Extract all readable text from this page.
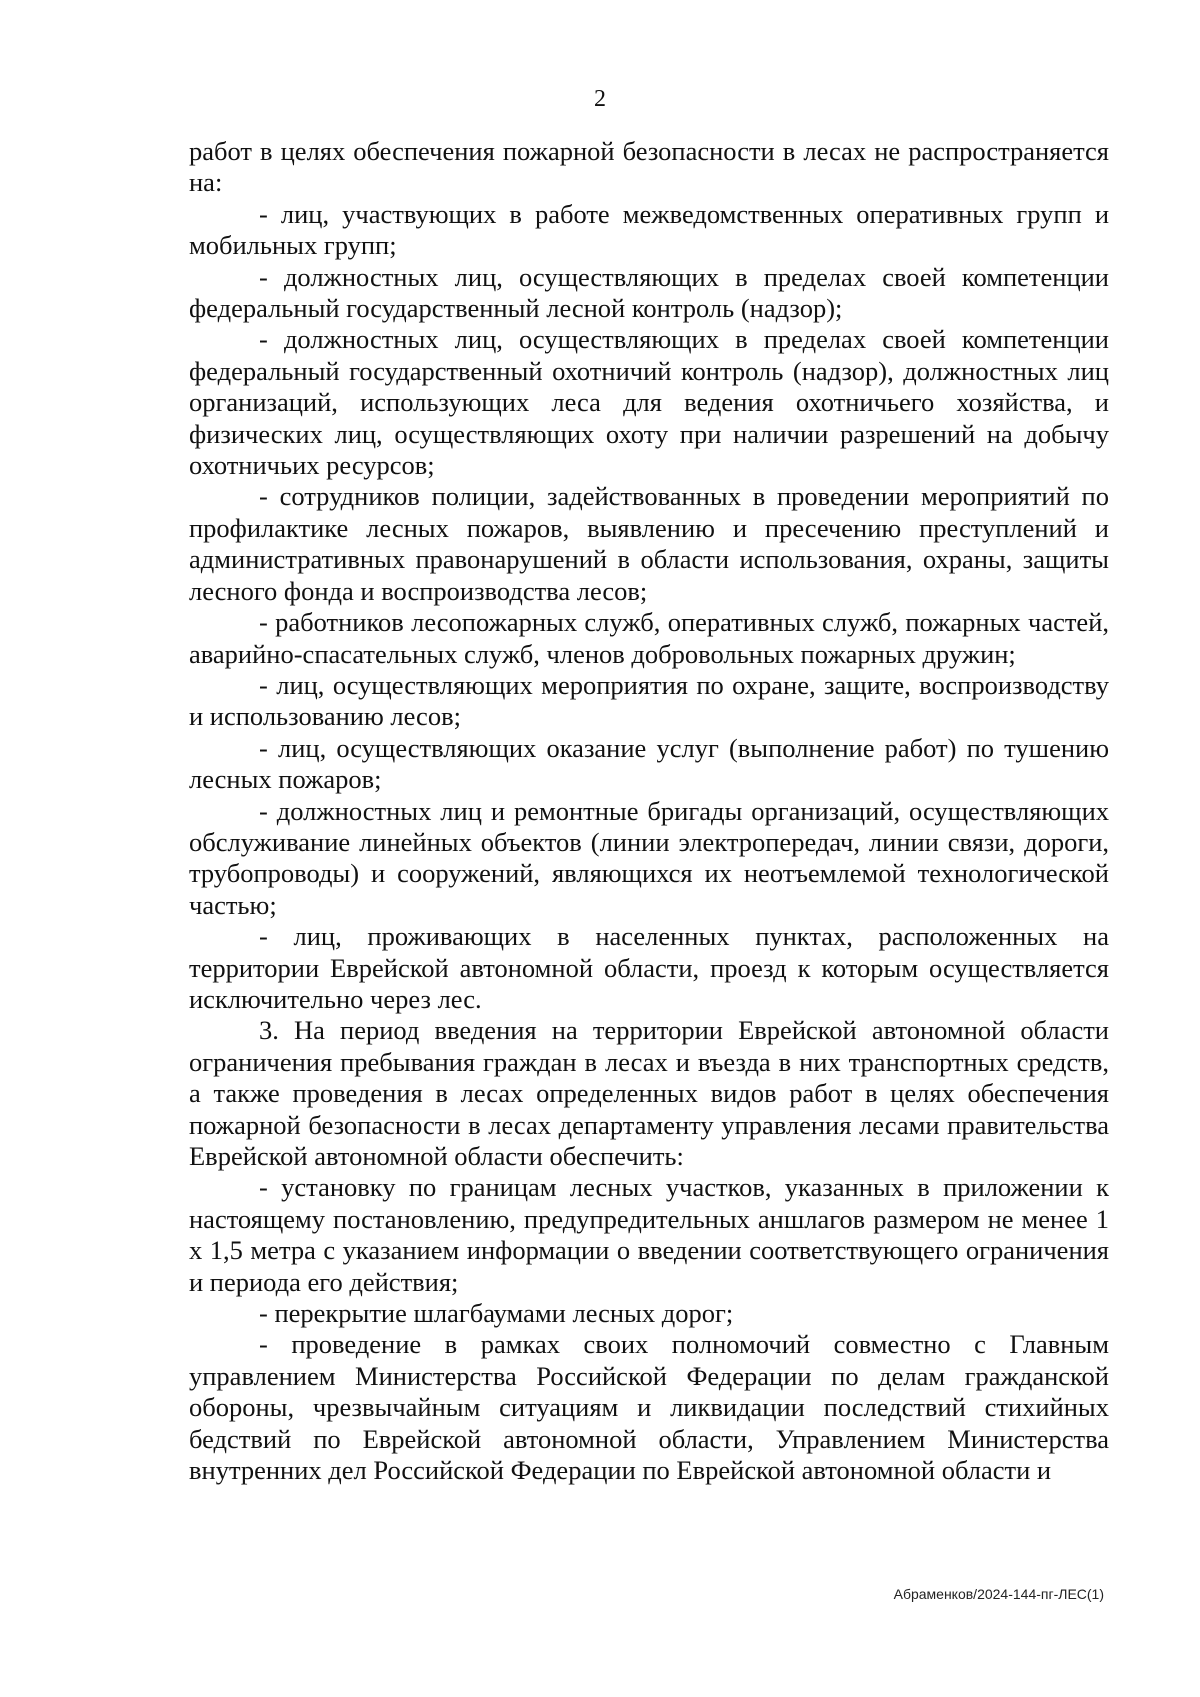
2

работ в целях обеспечения пожарной безопасности в лесах не распространяется на:

- лиц, участвующих в работе межведомственных оперативных групп и мобильных групп;

- должностных лиц, осуществляющих в пределах своей компетенции федеральный государственный лесной контроль (надзор);

- должностных лиц, осуществляющих в пределах своей компетенции федеральный государственный охотничий контроль (надзор), должностных лиц организаций, использующих леса для ведения охотничьего хозяйства, и физических лиц, осуществляющих охоту при наличии разрешений на добычу охотничьих ресурсов;

- сотрудников полиции, задействованных в проведении мероприятий по профилактике лесных пожаров, выявлению и пресечению преступлений и административных правонарушений в области использования, охраны, защиты лесного фонда и воспроизводства лесов;

- работников лесопожарных служб, оперативных служб, пожарных частей, аварийно-спасательных служб, членов добровольных пожарных дружин;

- лиц, осуществляющих мероприятия по охране, защите, воспроизводству и использованию лесов;

- лиц, осуществляющих оказание услуг (выполнение работ) по тушению лесных пожаров;

- должностных лиц и ремонтные бригады организаций, осуществляющих обслуживание линейных объектов (линии электропередач, линии связи, дороги, трубопроводы) и сооружений, являющихся их неотъемлемой технологической частью;

- лиц, проживающих в населенных пунктах, расположенных на территории Еврейской автономной области, проезд к которым осуществляется исключительно через лес.

3. На период введения на территории Еврейской автономной области ограничения пребывания граждан в лесах и въезда в них транспортных средств, а также проведения в лесах определенных видов работ в целях обеспечения пожарной безопасности в лесах департаменту управления лесами правительства Еврейской автономной области обеспечить:

- установку по границам лесных участков, указанных в приложении к настоящему постановлению, предупредительных аншлагов размером не менее 1 х 1,5 метра с указанием информации о введении соответствующего ограничения и периода его действия;

- перекрытие шлагбаумами лесных дорог;

- проведение в рамках своих полномочий совместно с Главным управлением Министерства Российской Федерации по делам гражданской обороны, чрезвычайным ситуациям и ликвидации последствий стихийных бедствий по Еврейской автономной области, Управлением Министерства внутренних дел Российской Федерации по Еврейской автономной области и

Абраменков/2024-144-пг-ЛЕС(1)
